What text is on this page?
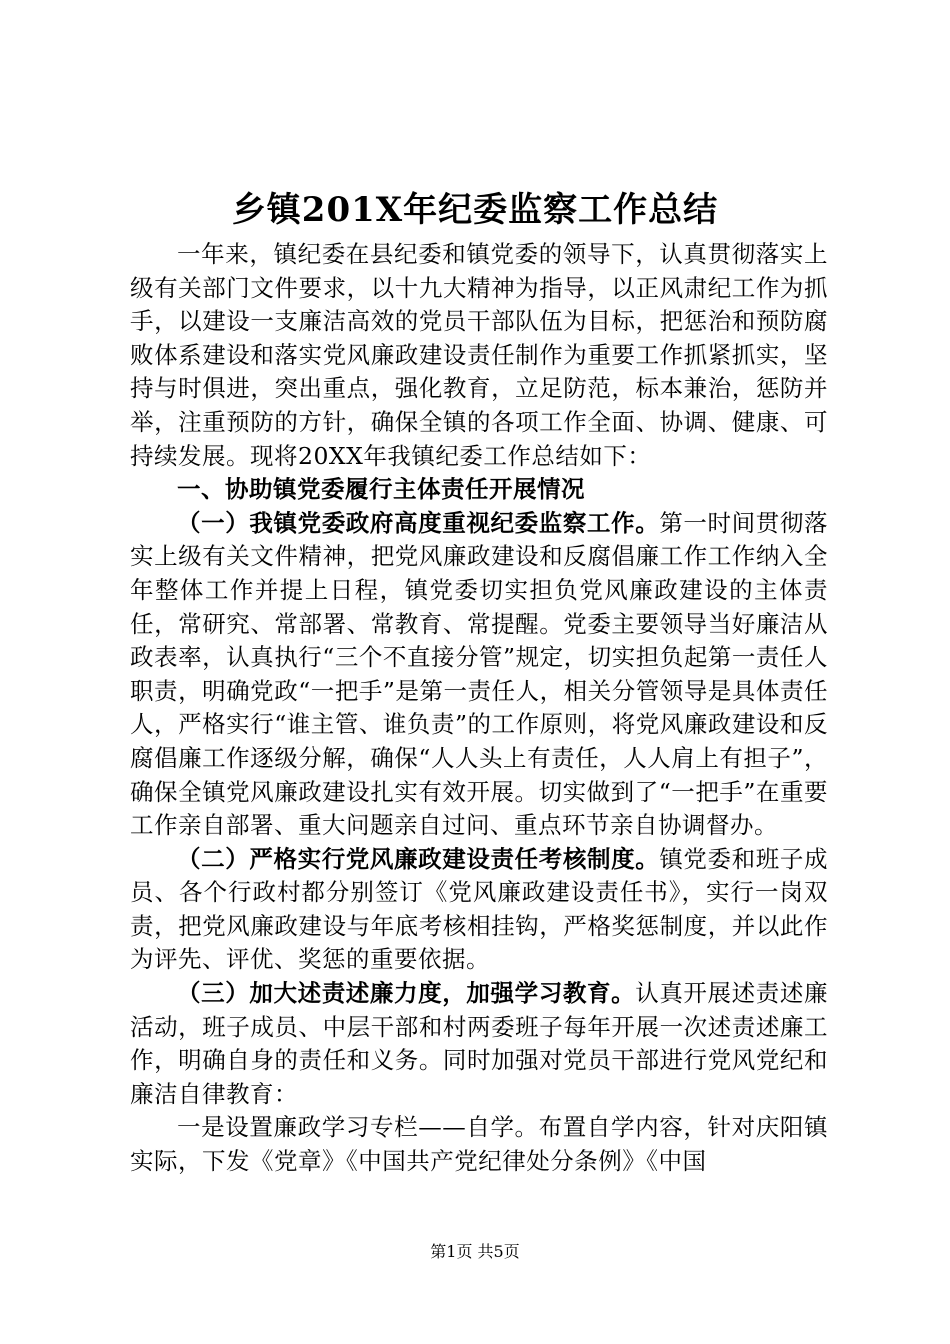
乡镇201X年纪委监察工作总结

一年来，镇纪委在县纪委和镇党委的领导下，认真贯彻落实上级有关部门文件要求，以十九大精神为指导，以正风肃纪工作为抓手，以建设一支廉洁高效的党员干部队伍为目标，把惩治和预防腐败体系建设和落实党风廉政建设责任制作为重要工作抓紧抓实，坚持与时俱进，突出重点，强化教育，立足防范，标本兼治，惩防并举，注重预防的方针，确保全镇的各项工作全面、协调、健康、可持续发展。现将20XX年我镇纪委工作总结如下：

一、协助镇党委履行主体责任开展情况

（一）我镇党委政府高度重视纪委监察工作。第一时间贯彻落实上级有关文件精神，把党风廉政建设和反腐倡廉工作工作纳入全年整体工作并提上日程，镇党委切实担负党风廉政建设的主体责任，常研究、常部署、常教育、常提醒。党委主要领导当好廉洁从政表率，认真执行“三个不直接分管”规定，切实担负起第一责任人职责，明确党政“一把手”是第一责任人，相关分管领导是具体责任人，严格实行“谁主管、谁负责”的工作原则，将党风廉政建设和反腐倡廉工作逐级分解，确保“人人头上有责任，人人肩上有担子”，确保全镇党风廉政建设扎实有效开展。切实做到了“一把手”在重要工作亲自部署、重大问题亲自过问、重点环节亲自协调督办。

（二）严格实行党风廉政建设责任考核制度。镇党委和班子成员、各个行政村都分别签订《党风廉政建设责任书》，实行一岗双责，把党风廉政建设与年底考核相挂钩，严格奖惩制度，并以此作为评先、评优、奖惩的重要依据。

（三）加大述责述廉力度，加强学习教育。认真开展述责述廉活动，班子成员、中层干部和村两委班子每年开展一次述责述廉工作，明确自身的责任和义务。同时加强对党员干部进行党风党纪和廉洁自律教育：

一是设置廉政学习专栏——自学。布置自学内容，针对庆阳镇实际，下发《党章》《中国共产党纪律处分条例》《中国

第1页 共5页
